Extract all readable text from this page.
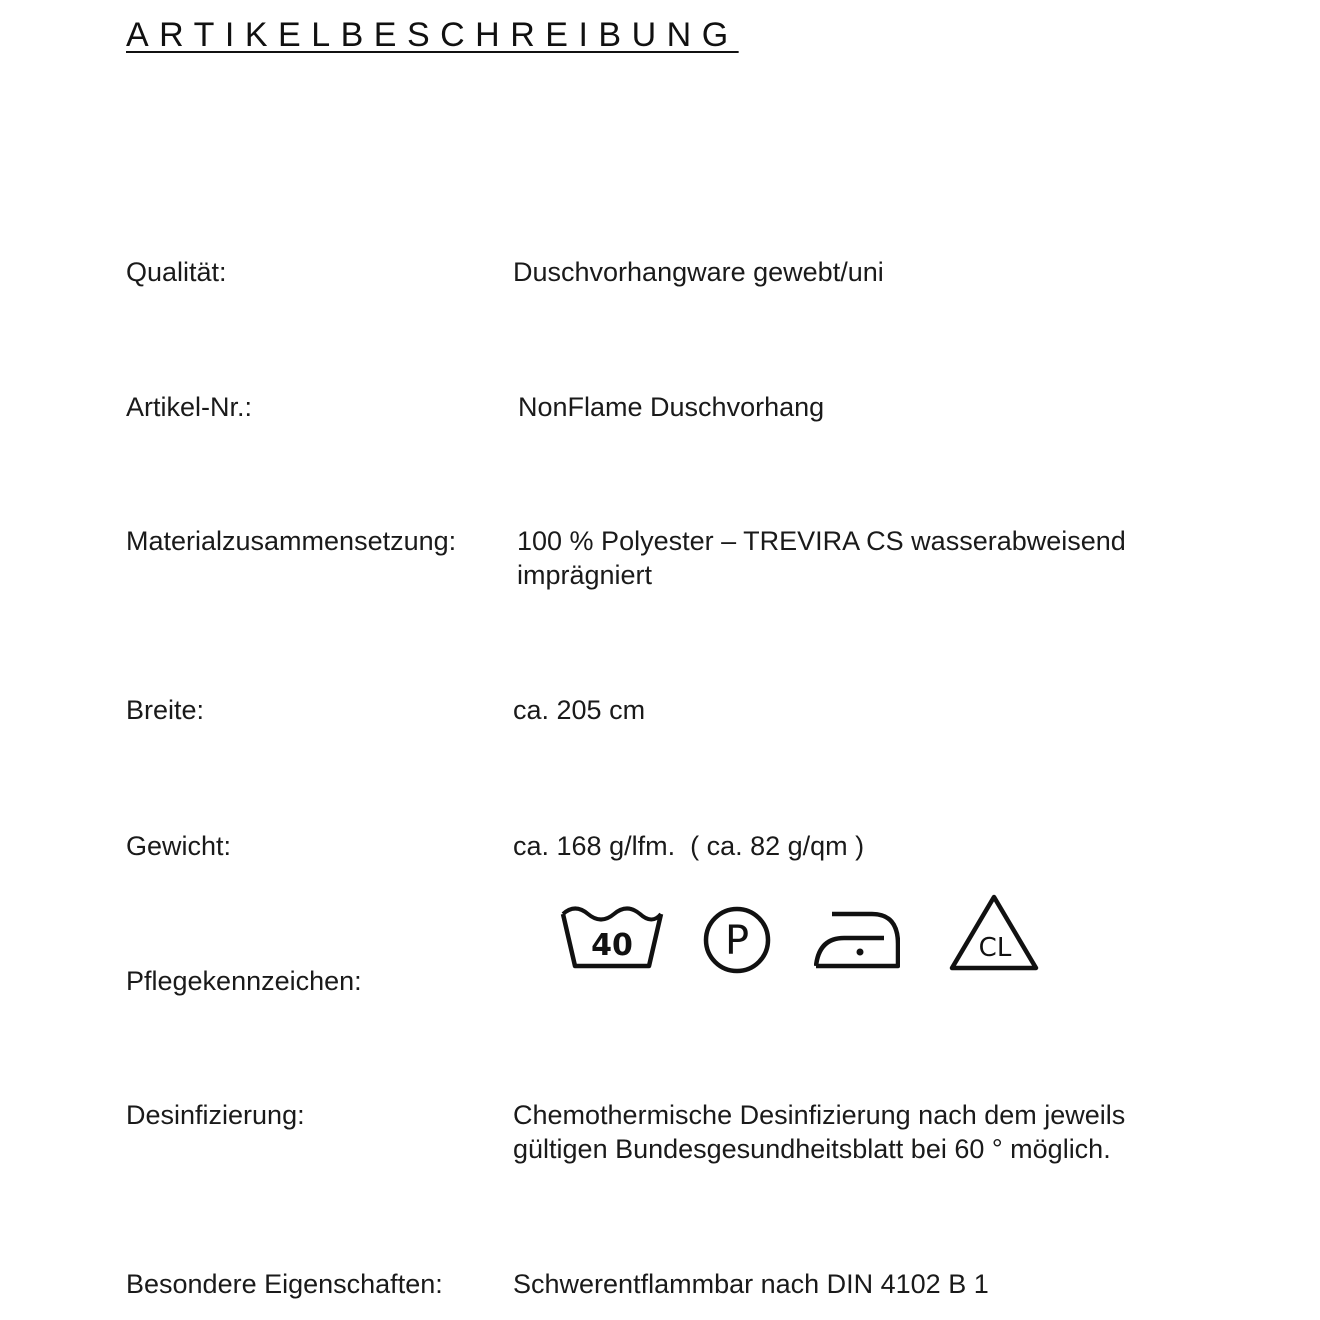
ARTIKELBESCHREIBUNG
Qualität:	Duschvorhangware gewebt/uni
Artikel-Nr.:	NonFlame Duschvorhang
Materialzusammensetzung: 100 % Polyester – TREVIRA CS wasserabweisend
imprägniert
Breite:	ca. 205 cm
Gewicht:	ca. 168 g/lfm.  ( ca. 82 g/qm )
Pflegekennzeichen:
40 P	CL
Desinfizierung:	Chemothermische Desinfizierung nach dem jeweils
gültigen Bundesgesundheitsblatt bei 60 ° möglich.
Besondere Eigenschaften:	Schwerentflammbar nach DIN 4102 B 1
